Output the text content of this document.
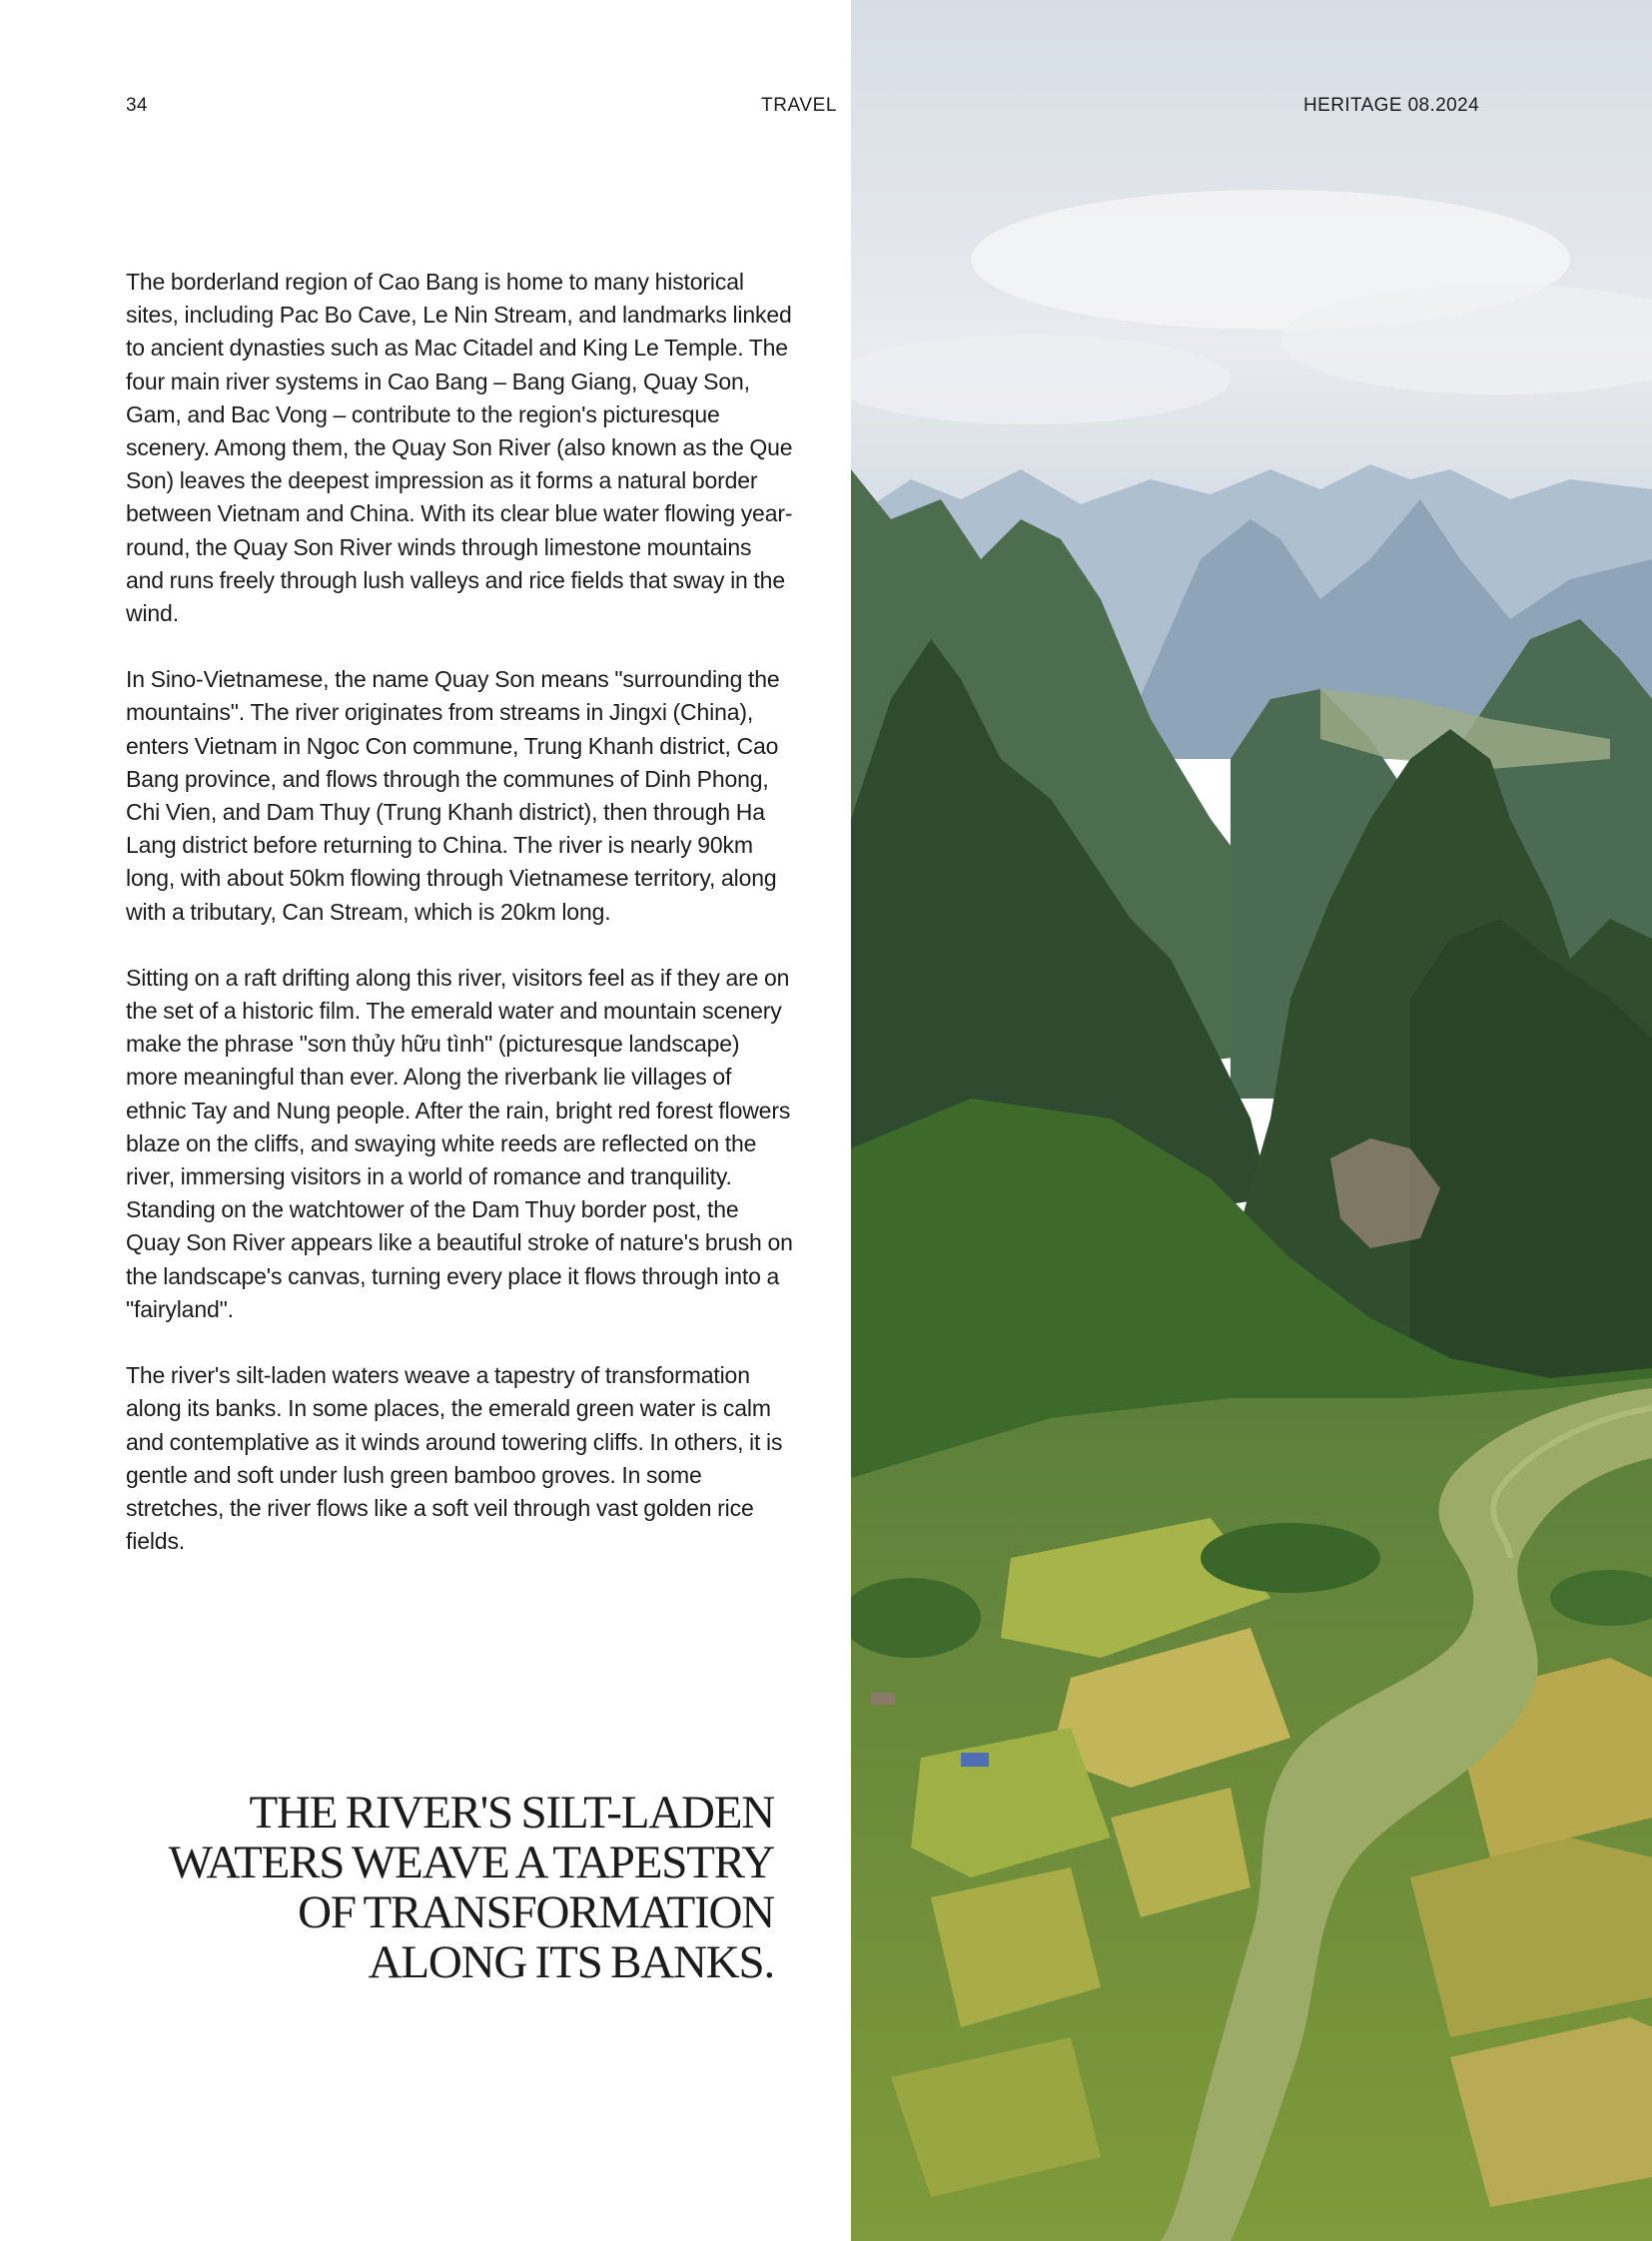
34	TRAVEL

The borderland region of Cao Bang is home to many historical sites, including Pac Bo Cave, Le Nin Stream, and landmarks linked to ancient dynasties such as Mac Citadel and King Le Temple. The four main river systems in Cao Bang – Bang Giang, Quay Son, Gam, and Bac Vong – contribute to the region's picturesque scenery. Among them, the Quay Son River (also known as the Que Son) leaves the deepest impression as it forms a natural border between Vietnam and China. With its clear blue water flowing year-round, the Quay Son River winds through limestone mountains and runs freely through lush valleys and rice fields that sway in the wind.

In Sino-Vietnamese, the name Quay Son means "surrounding the mountains". The river originates from streams in Jingxi (China), enters Vietnam in Ngoc Con commune, Trung Khanh district, Cao Bang province, and flows through the communes of Dinh Phong, Chi Vien, and Dam Thuy (Trung Khanh district), then through Ha Lang district before returning to China. The river is nearly 90km long, with about 50km flowing through Vietnamese territory, along with a tributary, Can Stream, which is 20km long.

Sitting on a raft drifting along this river, visitors feel as if they are on the set of a historic film. The emerald water and mountain scenery make the phrase "sơn thủy hữu tình" (picturesque landscape) more meaningful than ever. Along the riverbank lie villages of ethnic Tay and Nung people. After the rain, bright red forest flowers blaze on the cliffs, and swaying white reeds are reflected on the river, immersing visitors in a world of romance and tranquility. Standing on the watchtower of the Dam Thuy border post, the Quay Son River appears like a beautiful stroke of nature's brush on the landscape's canvas, turning every place it flows through into a "fairyland".

The river's silt-laden waters weave a tapestry of transformation along its banks. In some places, the emerald green water is calm and contemplative as it winds around towering cliffs. In others, it is gentle and soft under lush green bamboo groves. In some stretches, the river flows like a soft veil through vast golden rice fields.

THE RIVER'S SILT-LADEN WATERS WEAVE A TAPESTRY OF TRANSFORMATION ALONG ITS BANKS.
HERITAGE 08.2024
